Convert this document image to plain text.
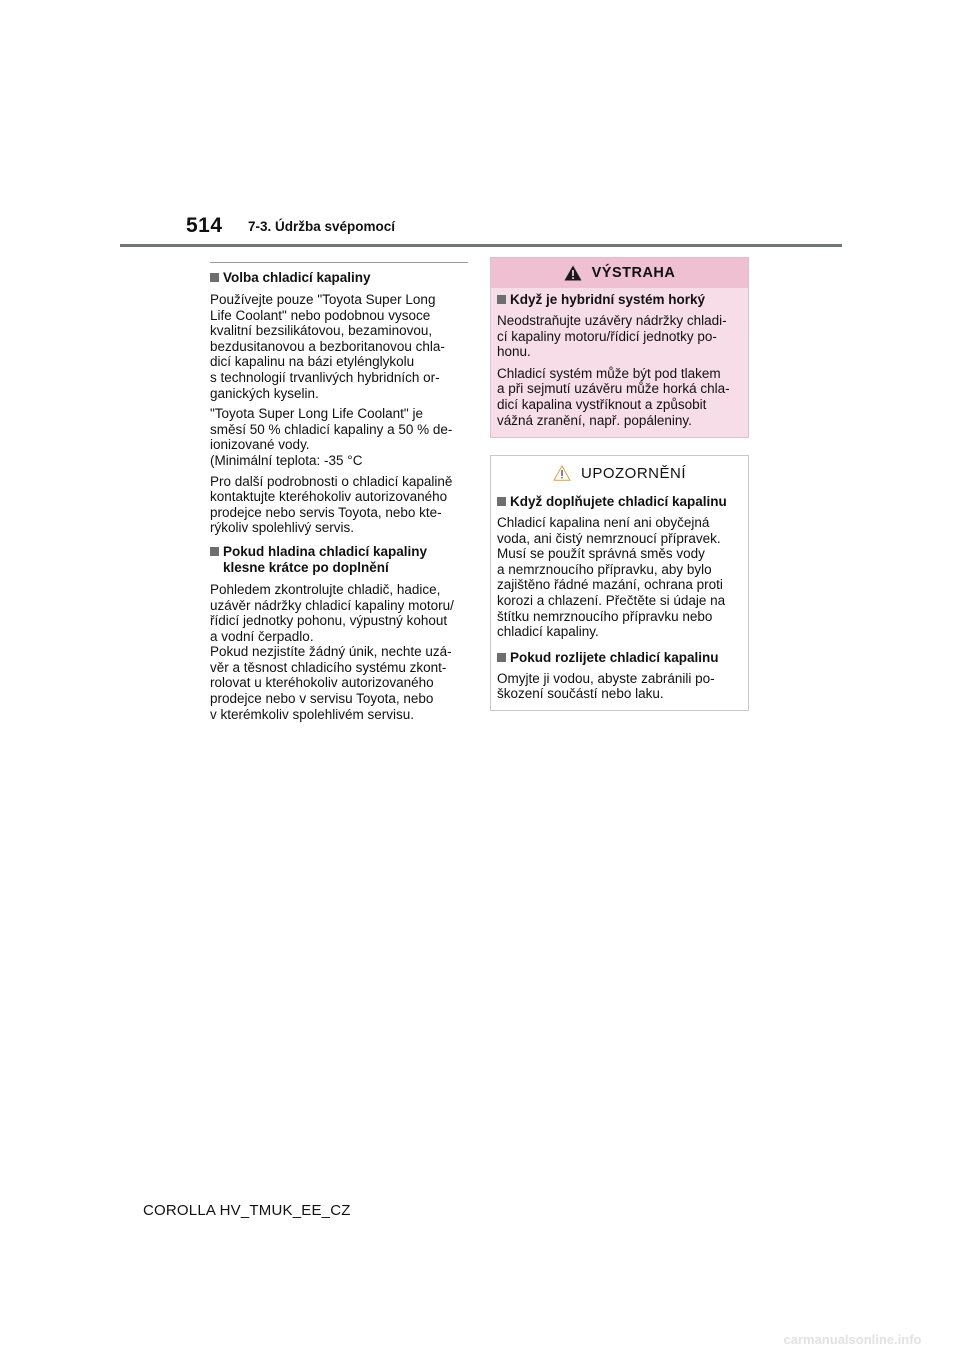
514 7-3. Údržba svépomocí
Volba chladicí kapaliny

Používejte pouze "Toyota Super Long
Life Coolant" nebo podobnou vysoce
kvalitní bezsilikátovou, bezaminovou,
bezdusitanovou a bezboritanovou chla-
dicí kapalinu na bázi etylénglykolu
s technologií trvanlivých hybridních or-
ganických kyselin.

"Toyota Super Long Life Coolant" je
směsí 50 % chladicí kapaliny a 50 % de-
ionizované vody.
(Minimální teplota: -35 °C

Pro další podrobnosti o chladicí kapalině
kontaktujte kteréhokoliv autorizovaného
prodejce nebo servis Toyota, nebo kte-
rýkoliv spolehlivý servis.

Pokud hladina chladicí kapaliny
klesne krátce po doplnění

Pohledem zkontrolujte chladič, hadice,
uzávěr nádržky chladicí kapaliny motoru/
řídicí jednotky pohonu, výpustný kohout
a vodní čerpadlo.
Pokud nezjistíte žádný únik, nechte uzá-
věr a těsnost chladicího systému zkont-
rolovat u kteréhokoliv autorizovaného
prodejce nebo v servisu Toyota, nebo
v kterémkoliv spolehlivém servisu.

VÝSTRAHA
Když je hybridní systém horký

Neodstraňujte uzávěry nádržky chladi-
cí kapaliny motoru/řídicí jednotky po-
honu.

Chladicí systém může být pod tlakem
a při sejmutí uzávěru může horká chla-
dicí kapalina vystříknout a způsobit
vážná zranění, např. popáleniny.

UPOZORNĚNÍ
Když doplňujete chladicí kapalinu

Chladicí kapalina není ani obyčejná
voda, ani čistý nemrznoucí přípravek.
Musí se použít správná směs vody
a nemrznoucího přípravku, aby bylo
zajištěno řádné mazání, ochrana proti
korozi a chlazení. Přečtěte si údaje na
štítku nemrznoucího přípravku nebo
chladicí kapaliny.

Pokud rozlijete chladicí kapalinu

Omyjte ji vodou, abyste zabránili po-
škození součástí nebo laku.

COROLLA HV_TMUK_EE_CZ
carmanualsonline.info
